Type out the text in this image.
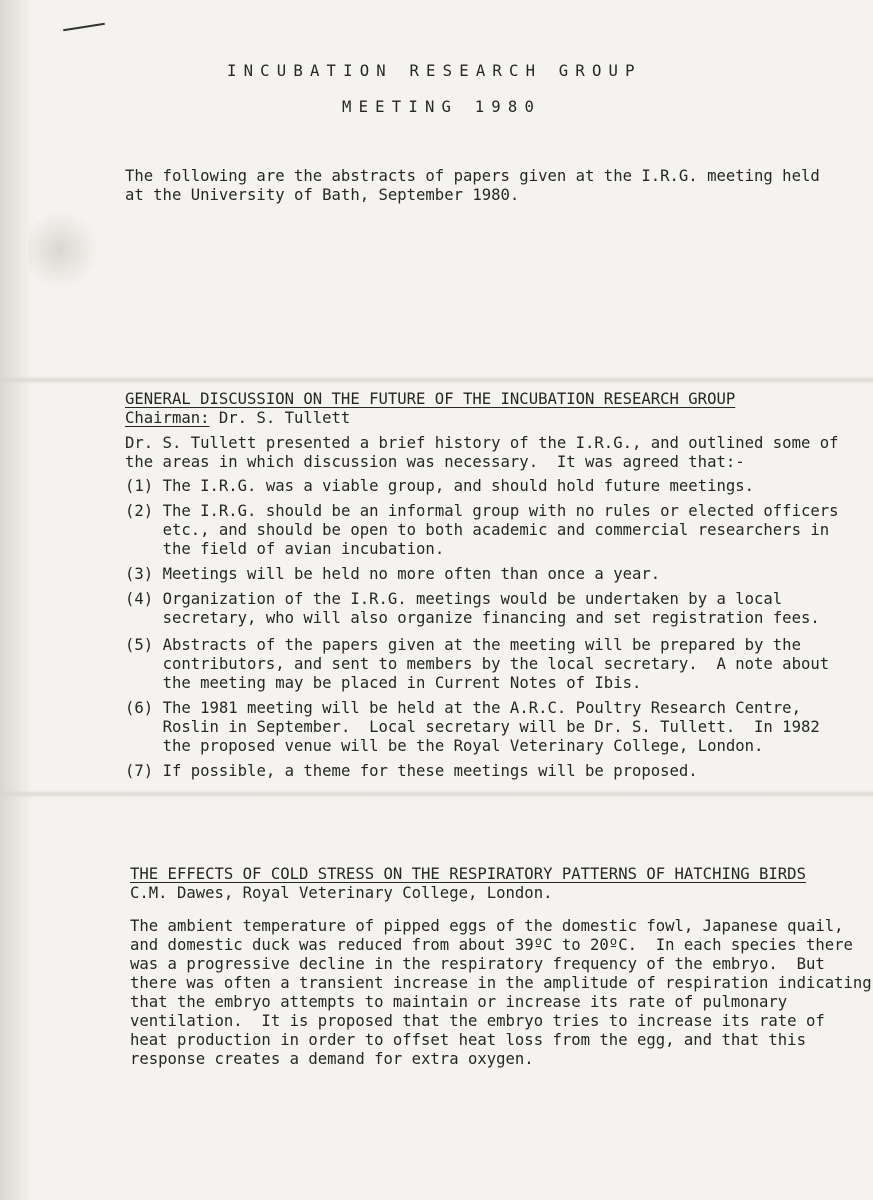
INCUBATION RESEARCH GROUP

MEETING 1980

The following are the abstracts of papers given at the I.R.G. meeting held

at the University of Bath, September 1980.

GENERAL DISCUSSION ON THE FUTURE OF THE INCUBATION RESEARCH GROUP

Chairman: Dr. S. Tullett

Dr. S. Tullett presented a brief history of the I.R.G., and outlined some of

the areas in which discussion was necessary.  It was agreed that:-

(1) The I.R.G. was a viable group, and should hold future meetings.

(2) The I.R.G. should be an informal group with no rules or elected officers

etc., and should be open to both academic and commercial researchers in

the field of avian incubation.

(3) Meetings will be held no more often than once a year.

(4) Organization of the I.R.G. meetings would be undertaken by a local

secretary, who will also organize financing and set registration fees.

(5) Abstracts of the papers given at the meeting will be prepared by the

contributors, and sent to members by the local secretary.  A note about

the meeting may be placed in Current Notes of Ibis.

(6) The 1981 meeting will be held at the A.R.C. Poultry Research Centre,

Roslin in September.  Local secretary will be Dr. S. Tullett.  In 1982

the proposed venue will be the Royal Veterinary College, London.

(7) If possible, a theme for these meetings will be proposed.

THE EFFECTS OF COLD STRESS ON THE RESPIRATORY PATTERNS OF HATCHING BIRDS

C.M. Dawes, Royal Veterinary College, London.

The ambient temperature of pipped eggs of the domestic fowl, Japanese quail,

and domestic duck was reduced from about 39ºC to 20ºC.  In each species there

was a progressive decline in the respiratory frequency of the embryo.  But

there was often a transient increase in the amplitude of respiration indicating

that the embryo attempts to maintain or increase its rate of pulmonary

ventilation.  It is proposed that the embryo tries to increase its rate of

heat production in order to offset heat loss from the egg, and that this

response creates a demand for extra oxygen.
